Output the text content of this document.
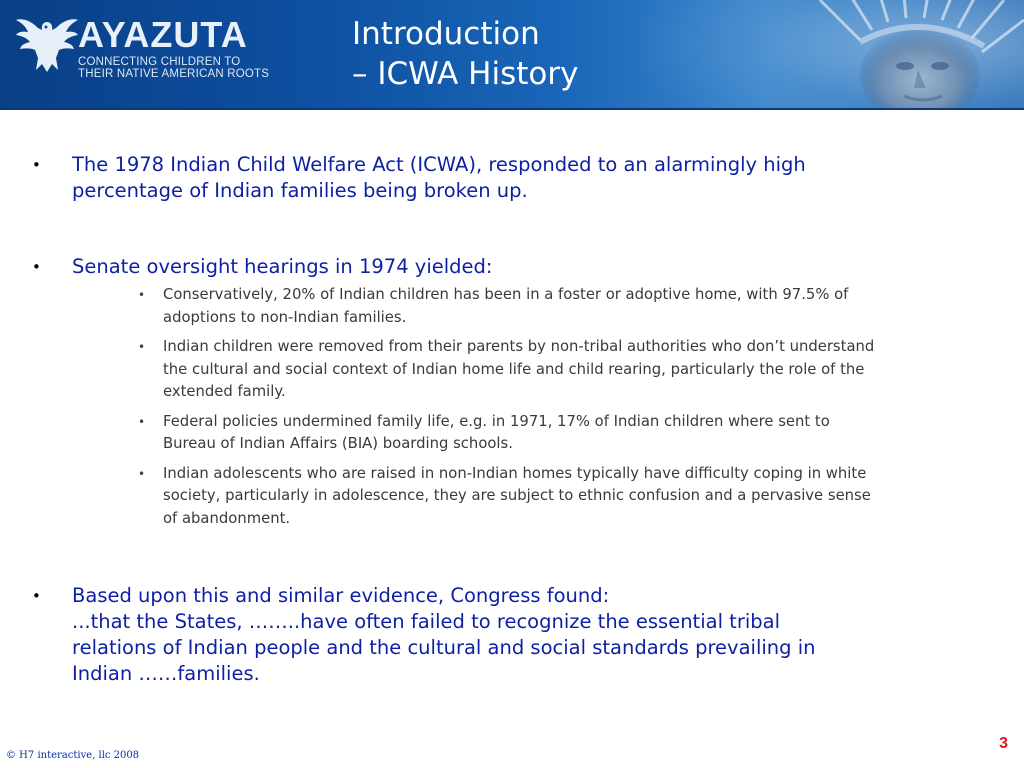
AYAZUTA
CONNECTING CHILDREN TO
THEIR NATIVE AMERICAN ROOTS
Introduction
– ICWA History
• The 1978 Indian Child Welfare Act (ICWA), responded to an alarmingly high
percentage of Indian families being broken up.
• Senate oversight hearings in 1974 yielded:
• Conservatively, 20% of Indian children has been in a foster or adoptive home, with 97.5% of
adoptions to non-Indian families.
• Indian children were removed from their parents by non-tribal authorities who don’t understand
the cultural and social context of Indian home life and child rearing, particularly the role of the
extended family.
• Federal policies undermined family life, e.g. in 1971, 17% of Indian children where sent to
Bureau of Indian Affairs (BIA) boarding schools.
• Indian adolescents who are raised in non-Indian homes typically have difficulty coping in white
society, particularly in adolescence, they are subject to ethnic confusion and a pervasive sense
of abandonment.
• Based upon this and similar evidence, Congress found:
...that the States, ……..have often failed to recognize the essential tribal
relations of Indian people and the cultural and social standards prevailing in
Indian ……families.
© H7 interactive, llc 2008
3
